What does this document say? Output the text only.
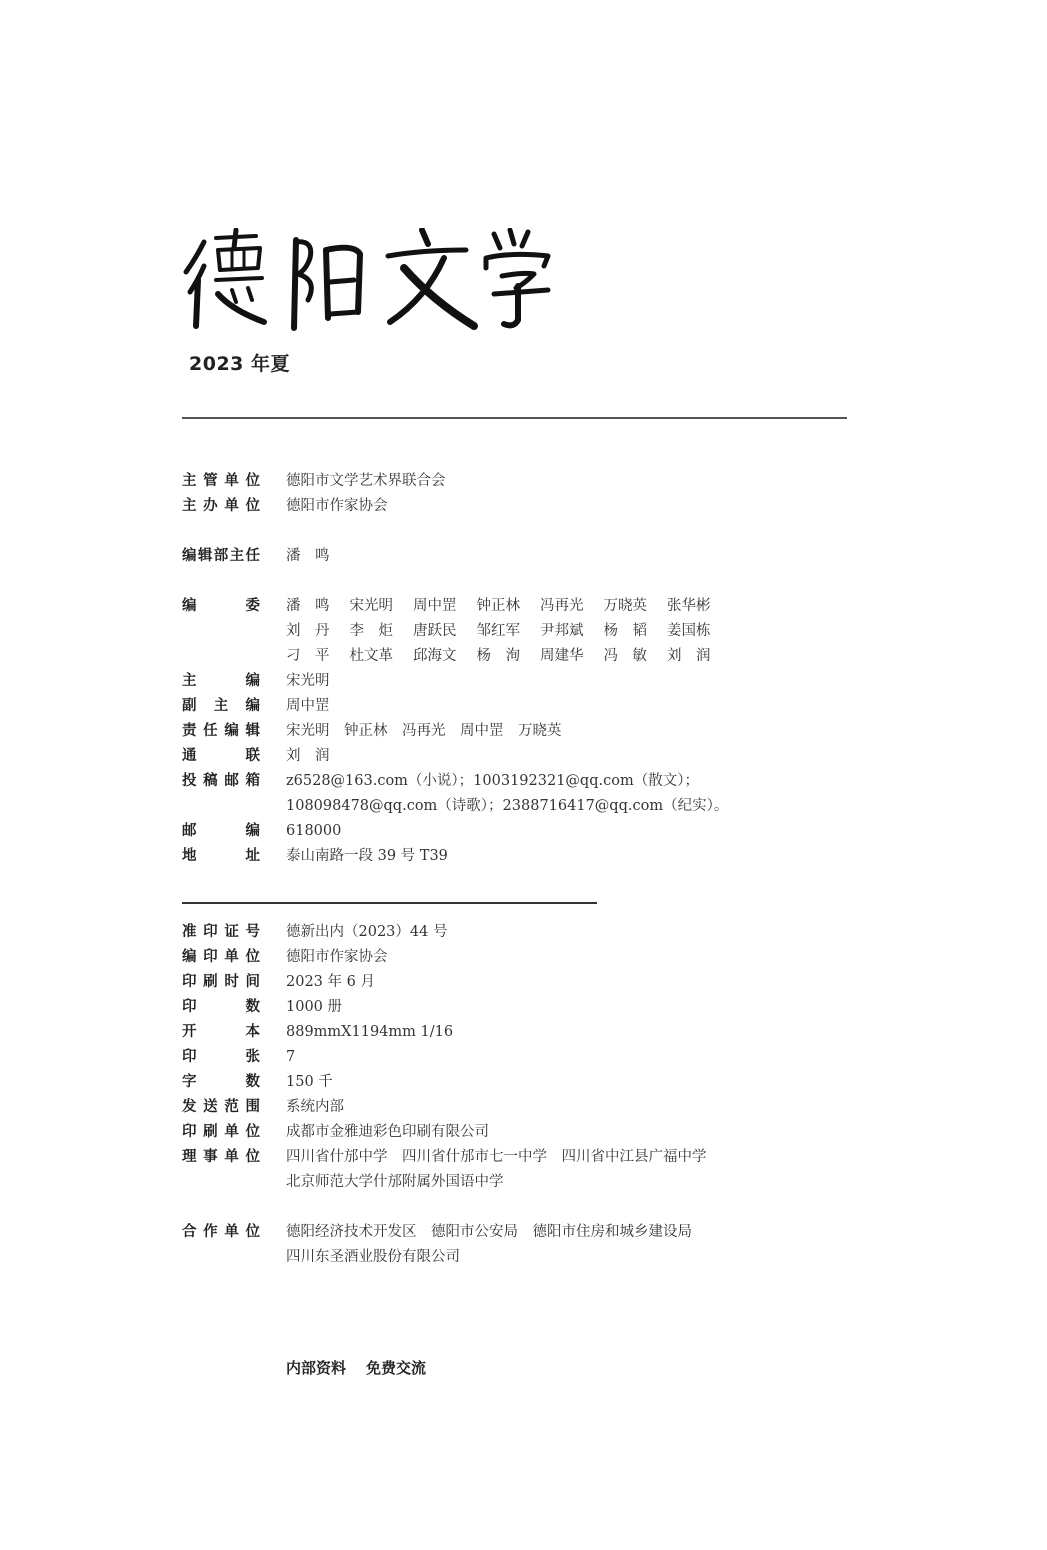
2023 年夏
主管单位 德阳市文学艺术界联合会
主办单位 德阳市作家协会
编辑部主任 潘　鸣
编　　委 潘　鸣	宋光明	周中罡	钟正林	冯再光	万晓英	张华彬
刘　丹	李　炬	唐跃民	邹红军	尹邦斌	杨　韬	姜国栋
刁　平	杜文革	邱海文	杨　洵	周建华	冯　敏	刘　润
主　　编 宋光明
副 主 编 周中罡
责任编辑 宋光明　钟正林　冯再光　周中罡　万晓英
通　　联 刘　润
投稿邮箱 z6528@163.com（小说）；1003192321@qq.com（散文）；
108098478@qq.com（诗歌）；2388716417@qq.com（纪实）。
邮　　编 618000
地　　址 泰山南路一段 39 号 T39
准印证号 德新出内（2023）44 号
编印单位 德阳市作家协会
印刷时间 2023 年 6 月
印　　数 1000 册
开　　本 889mmX1194mm 1/16
印　　张 7
字　　数 150 千
发送范围 系统内部
印刷单位 成都市金雅迪彩色印刷有限公司
理事单位 四川省什邡中学　四川省什邡市七一中学　四川省中江县广福中学
北京师范大学什邡附属外国语中学
合作单位 德阳经济技术开发区　德阳市公安局　德阳市住房和城乡建设局
四川东圣酒业股份有限公司
内部资料 免费交流
